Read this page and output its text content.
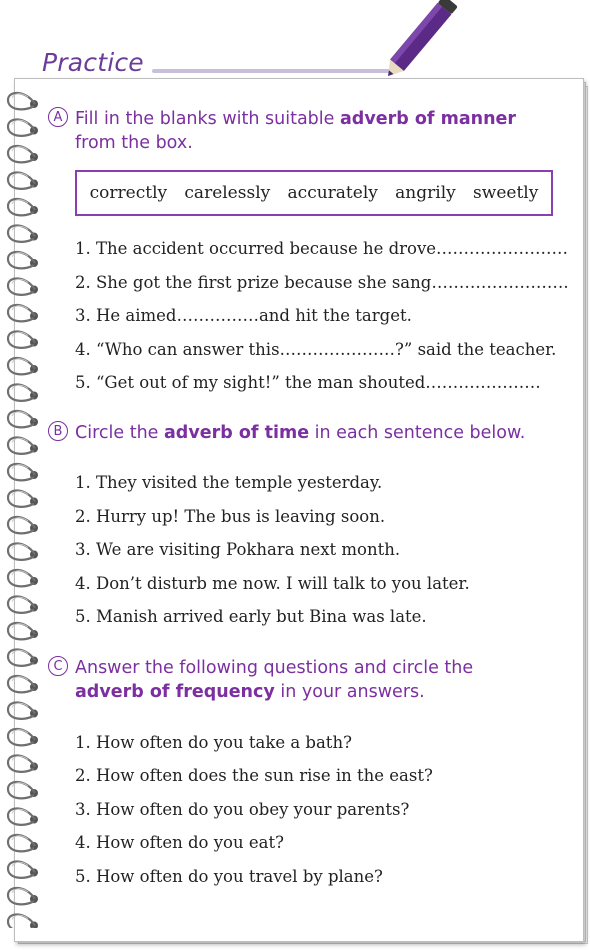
Practice
A Fill in the blanks with suitable adverb of manner
from the box.
correctly carelessly accurately angrily sweetly
1. The accident occurred because he drove……………………
2. She got the first prize because she sang…………………….
3. He aimed……………and hit the target.
4. “Who can answer this…………………?” said the teacher.
5. “Get out of my sight!” the man shouted…………………
B Circle the adverb of time in each sentence below.
1. They visited the temple yesterday.
2. Hurry up! The bus is leaving soon.
3. We are visiting Pokhara next month.
4. Don’t disturb me now. I will talk to you later.
5. Manish arrived early but Bina was late.
C Answer the following questions and circle the
adverb of frequency in your answers.
1. How often do you take a bath?
2. How often does the sun rise in the east?
3. How often do you obey your parents?
4. How often do you eat?
5. How often do you travel by plane?
